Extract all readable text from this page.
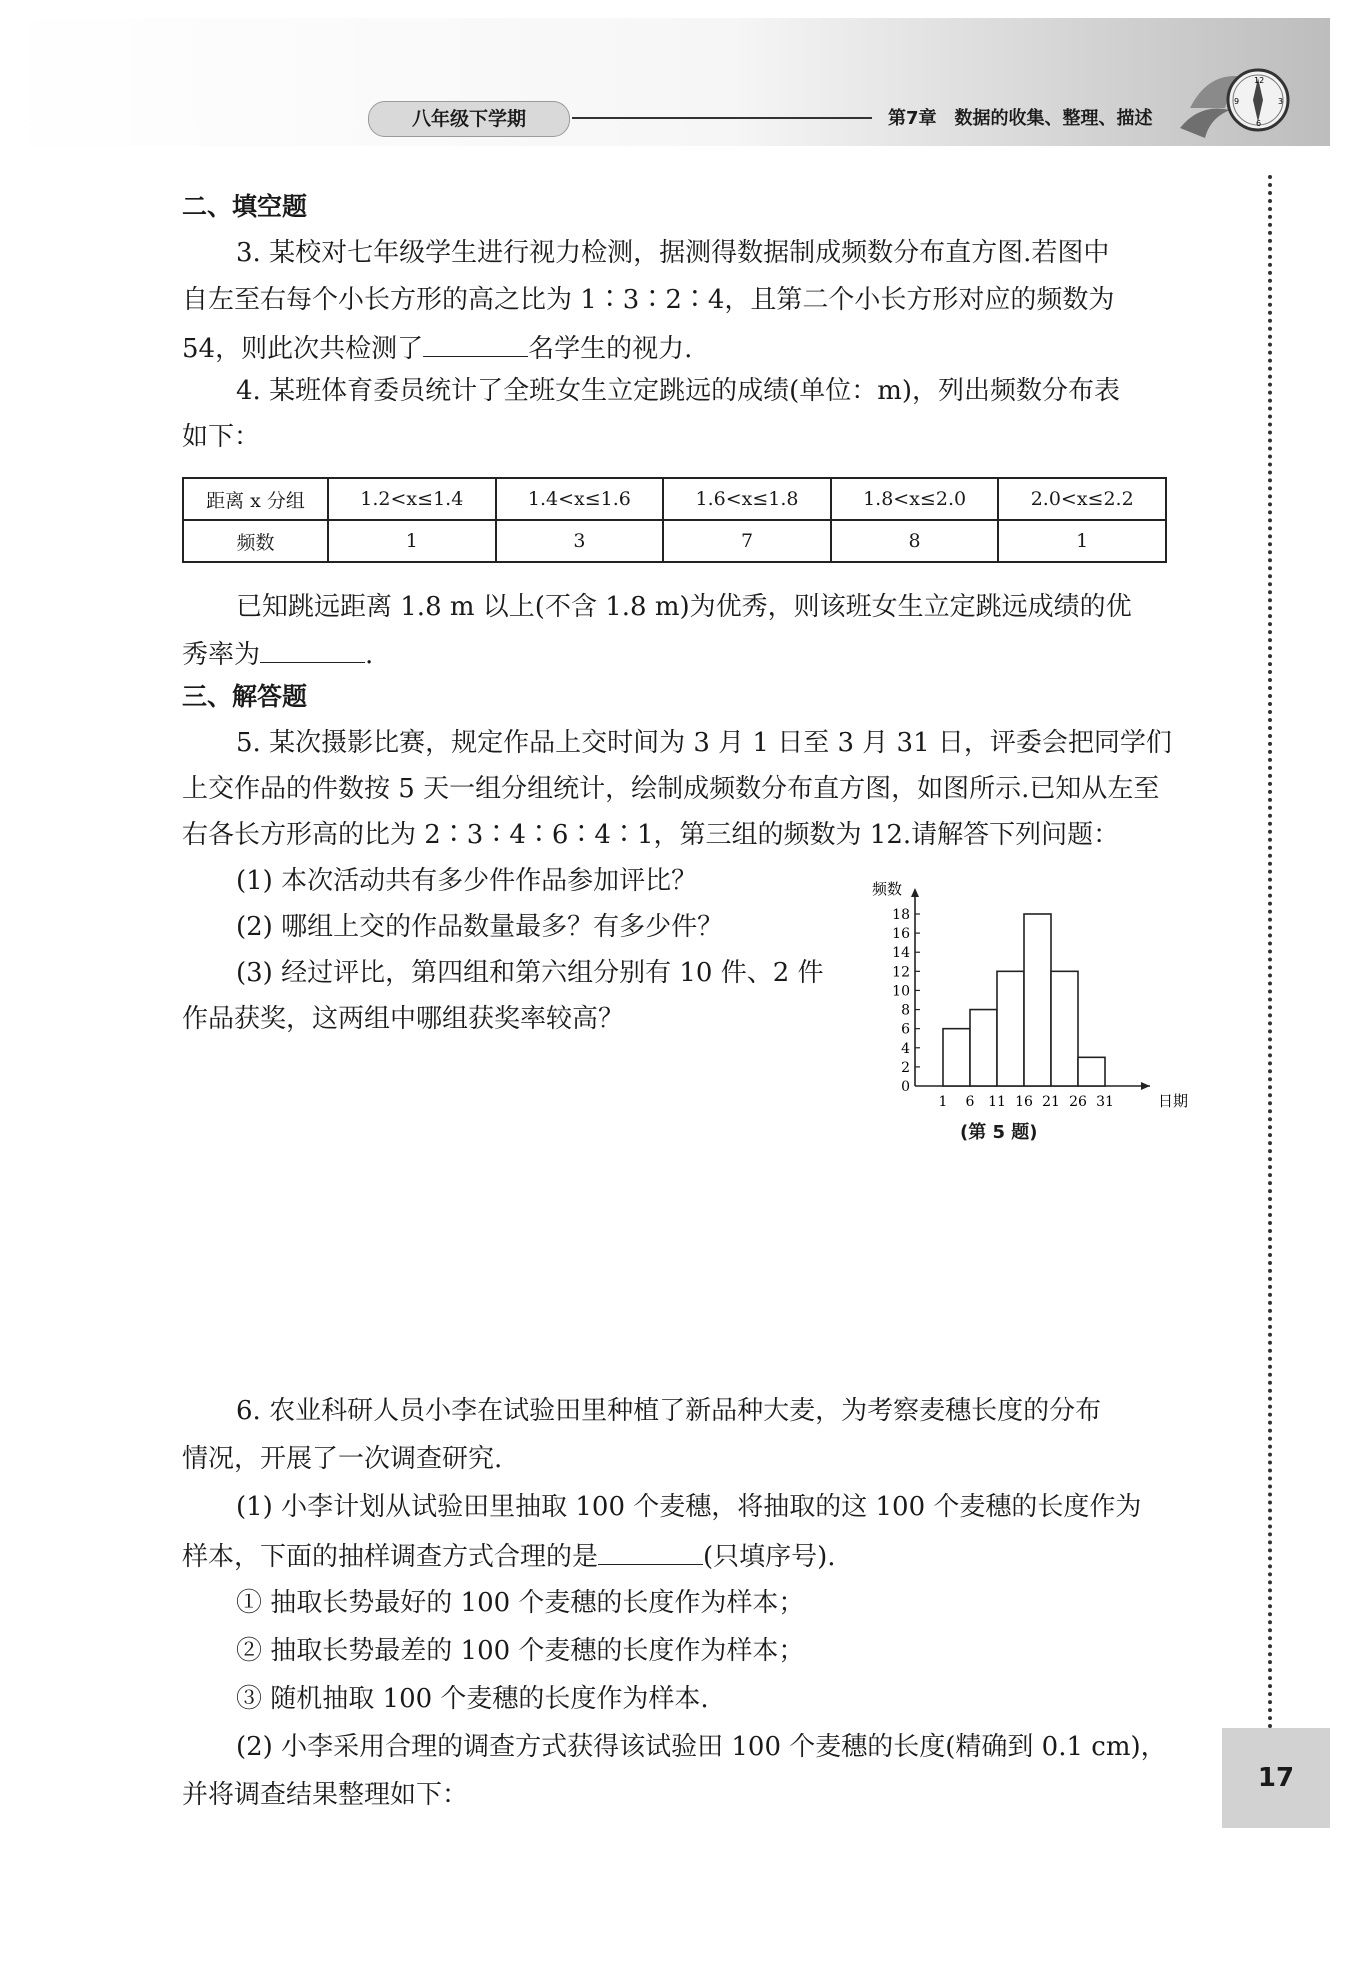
八年级下学期	第7章　数据的收集、整理、描述
12
3
6
9
17
二、填空题
3. 某校对七年级学生进行视力检测，据测得数据制成频数分布直方图.若图中
自左至右每个小长方形的高之比为 1∶3∶2∶4，且第二个小长方形对应的频数为
54，则此次共检测了	名学生的视力.
4. 某班体育委员统计了全班女生立定跳远的成绩(单位：m)，列出频数分布表
如下：
距离 x 分组	1.2<x≤1.4	1.4<x≤1.6	1.6<x≤1.8	1.8<x≤2.0	2.0<x≤2.2
频数	1	3	7	8	1
已知跳远距离 1.8 m 以上(不含 1.8 m)为优秀，则该班女生立定跳远成绩的优
秀率为	.
三、解答题
5. 某次摄影比赛，规定作品上交时间为 3 月 1 日至 3 月 31 日，评委会把同学们
上交作品的件数按 5 天一组分组统计，绘制成频数分布直方图，如图所示.已知从左至
右各长方形高的比为 2∶3∶4∶6∶4∶1，第三组的频数为 12.请解答下列问题：
(1) 本次活动共有多少件作品参加评比？
(2) 哪组上交的作品数量最多？有多少件？
(3) 经过评比，第四组和第六组分别有 10 件、2 件
作品获奖，这两组中哪组获奖率较高？
0
2
4
6
8
10
12
14
16
18
1 6 11 16 21 26 31	日期
频数
(第 5 题)
6. 农业科研人员小李在试验田里种植了新品种大麦，为考察麦穗长度的分布
情况，开展了一次调查研究.
(1) 小李计划从试验田里抽取 100 个麦穗，将抽取的这 100 个麦穗的长度作为
样本，下面的抽样调查方式合理的是	(只填序号).
① 抽取长势最好的 100 个麦穗的长度作为样本；
② 抽取长势最差的 100 个麦穗的长度作为样本；
③ 随机抽取 100 个麦穗的长度作为样本.
(2) 小李采用合理的调查方式获得该试验田 100 个麦穗的长度(精确到 0.1 cm)，
并将调查结果整理如下：
